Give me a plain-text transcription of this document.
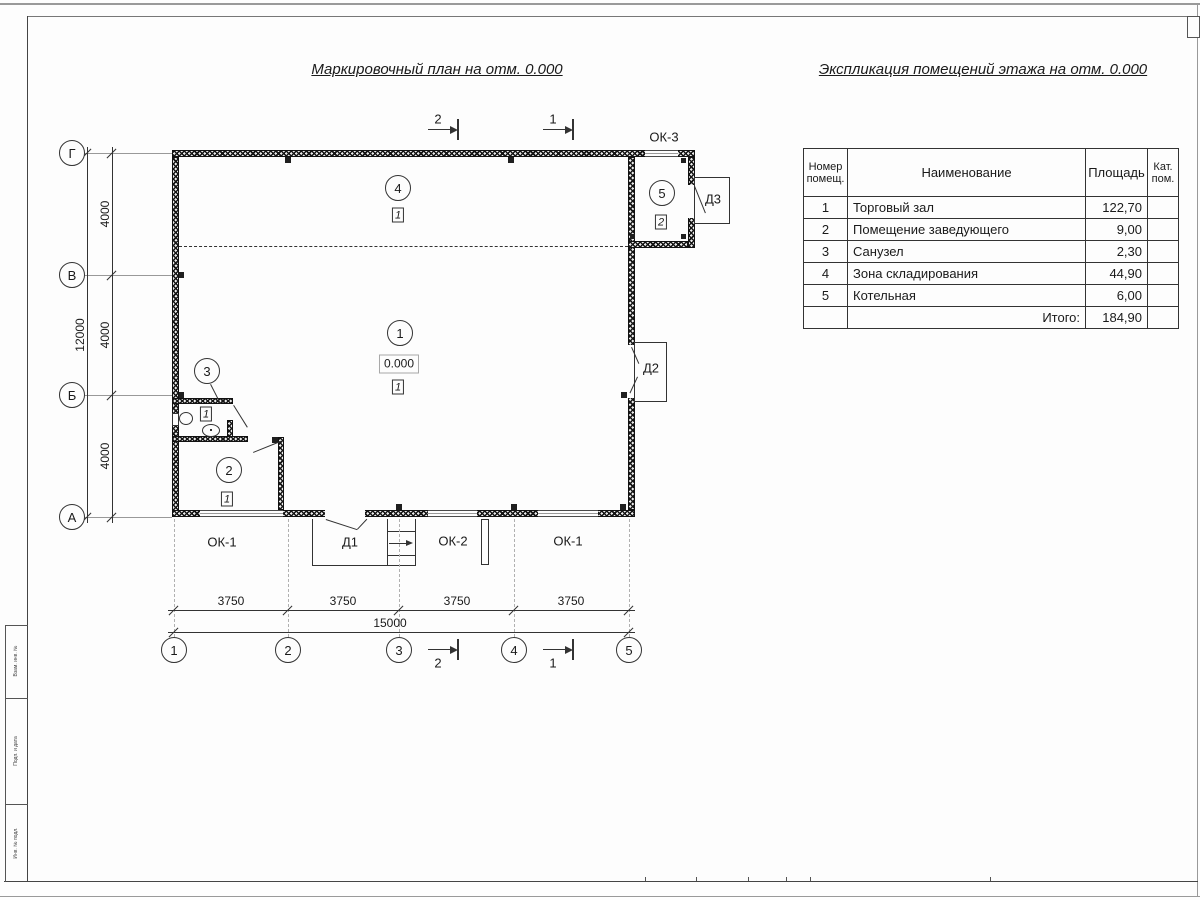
Взам. инв. №
Подп. и дата
Инв. № подл.
Маркировочный план на отм. 0.000	Экспликация помещений этажа на отм. 0.000
Номер помещ.	Наименование	Площадь	Кат. пом.
1	Торговый зал	122,70	
2	Помещение заведующего	9,00	
3	Санузел	2,30	
4	Зона складирования	44,90	
5	Котельная	6,00	
	Итого:	184,90	
3750	3750	3750	3750
15000
4000
4000
4000
12000
Г
В
Б
А
1	2	3	4	5
2	1
2	1
4
1
1
0.000
1
5
2
3
1
2
1
ОК-3
Д3
Д2
ОК-1	Д1	ОК-2	ОК-1
